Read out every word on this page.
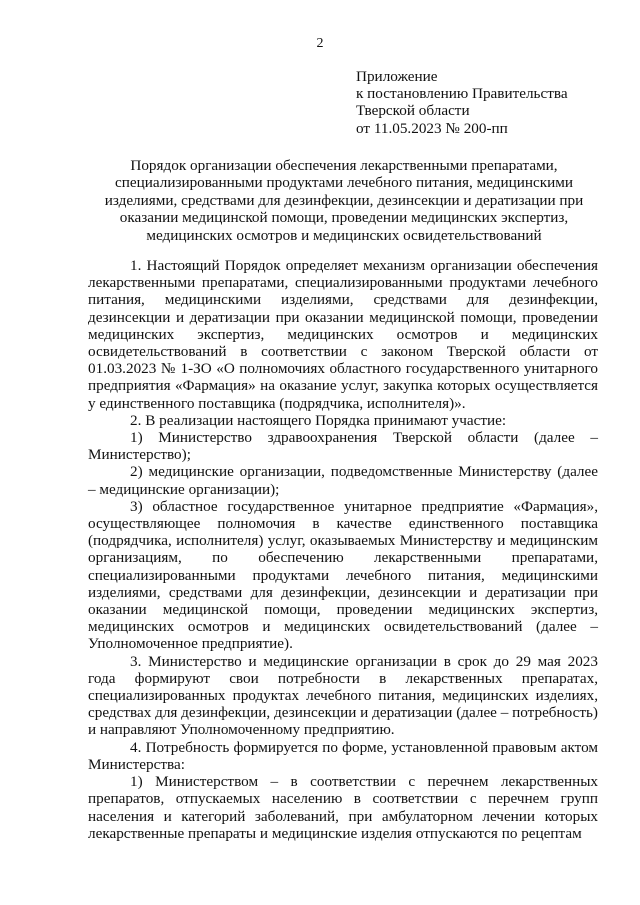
2
Приложение
к постановлению Правительства
Тверской области
от 11.05.2023 № 200-пп
Порядок организации обеспечения лекарственными препаратами,
специализированными продуктами лечебного питания, медицинскими
изделиями, средствами для дезинфекции, дезинсекции и дератизации при
оказании медицинской помощи, проведении медицинских экспертиз,
медицинских осмотров и медицинских освидетельствований

1. Настоящий Порядок определяет механизм организации обеспечения лекарственными препаратами, специализированными продуктами лечебного питания, медицинскими изделиями, средствами для дезинфекции, дезинсекции и дератизации при оказании медицинской помощи, проведении медицинских экспертиз, медицинских осмотров и медицинских освидетельствований в соответствии с законом Тверской области от 01.03.2023 № 1-ЗО «О полномочиях областного государственного унитарного предприятия «Фармация» на оказание услуг, закупка которых осуществляется у единственного поставщика (подрядчика, исполнителя)».

2. В реализации настоящего Порядка принимают участие:

1) Министерство здравоохранения Тверской области (далее – Министерство);

2) медицинские организации, подведомственные Министерству (далее – медицинские организации);

3) областное государственное унитарное предприятие «Фармация», осуществляющее полномочия в качестве единственного поставщика (подрядчика, исполнителя) услуг, оказываемых Министерству и медицинским организациям, по обеспечению лекарственными препаратами, специализированными продуктами лечебного питания, медицинскими изделиями, средствами для дезинфекции, дезинсекции и дератизации при оказании медицинской помощи, проведении медицинских экспертиз, медицинских осмотров и медицинских освидетельствований (далее – Уполномоченное предприятие).

3. Министерство и медицинские организации в срок до 29 мая 2023 года формируют свои потребности в лекарственных препаратах, специализированных продуктах лечебного питания, медицинских изделиях, средствах для дезинфекции, дезинсекции и дератизации (далее – потребность) и направляют Уполномоченному предприятию.

4. Потребность формируется по форме, установленной правовым актом Министерства:

1) Министерством – в соответствии с перечнем лекарственных препаратов, отпускаемых населению в соответствии с перечнем групп населения и категорий заболеваний, при амбулаторном лечении которых лекарственные препараты и медицинские изделия отпускаются по рецептам
